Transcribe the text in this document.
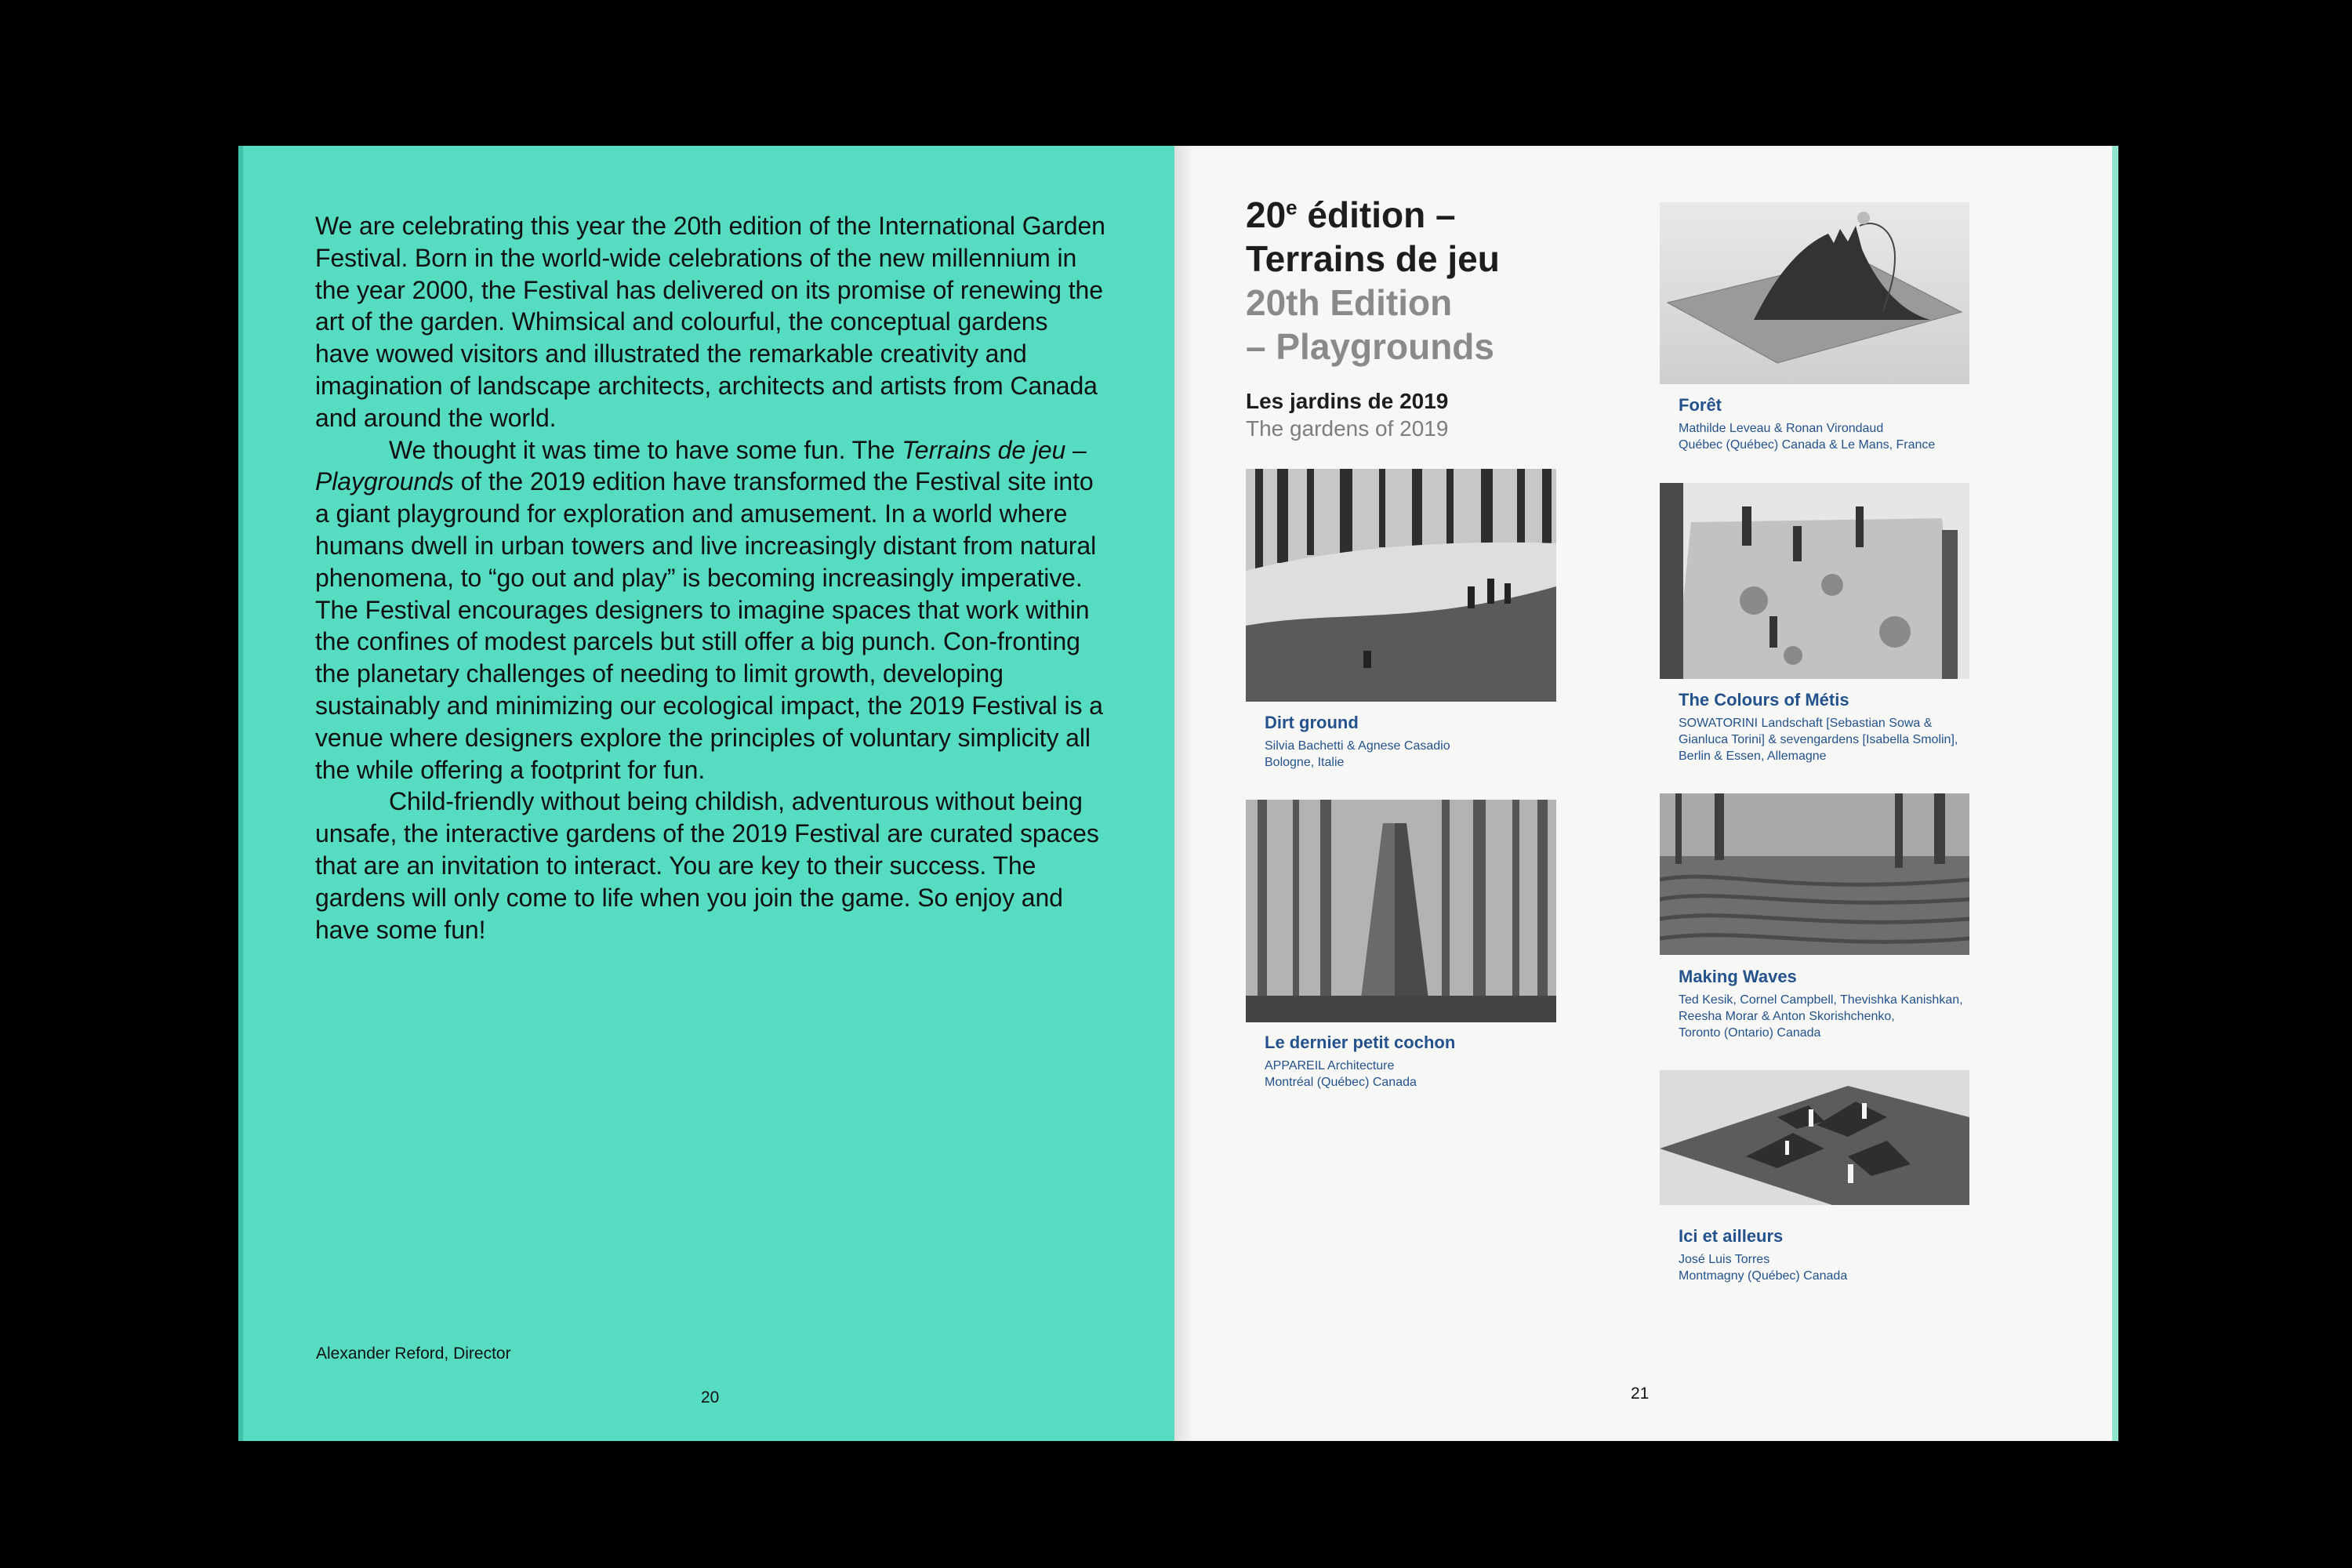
We are celebrating this year the 20th edition of the International Garden Festival. Born in the world-wide celebrations of the new millennium in the year 2000, the Festival has delivered on its promise of renewing the art of the garden. Whimsical and colourful, the conceptual gardens have wowed visitors and illustrated the remarkable creativity and imagination of landscape architects, architects and artists from Canada and around the world.

We thought it was time to have some fun. The Terrains de jeu – Playgrounds of the 2019 edition have transformed the Festival site into a giant playground for exploration and amusement. In a world where humans dwell in urban towers and live increasingly distant from natural phenomena, to “go out and play” is becoming increasingly imperative. The Festival encourages designers to imagine spaces that work within the confines of modest parcels but still offer a big punch. Con-fronting the planetary challenges of needing to limit growth, developing sustainably and minimizing our ecological impact, the 2019 Festival is a venue where designers explore the principles of voluntary simplicity all the while offering a footprint for fun.

Child-friendly without being childish, adventurous without being unsafe, the interactive gardens of the 2019 Festival are curated spaces that are an invitation to interact. You are key to their success. The gardens will only come to life when you join the game. So enjoy and have some fun!

Alexander Reford, Director

20

20e édition –
Terrains de jeu
20th Edition
– Playgrounds
Les jardins de 2019
The gardens of 2019

Forêt

Mathilde Leveau & Ronan Virondaud
Québec (Québec) Canada & Le Mans, France

Dirt ground

Silvia Bachetti & Agnese Casadio
Bologne, Italie

The Colours of Métis

SOWATORINI Landschaft [Sebastian Sowa &
Gianluca Torini] & sevengardens [Isabella Smolin],
Berlin & Essen, Allemagne

Le dernier petit cochon

APPAREIL Architecture
Montréal (Québec) Canada

Making Waves

Ted Kesik, Cornel Campbell, Thevishka Kanishkan,
Reesha Morar & Anton Skorishchenko,
Toronto (Ontario) Canada

Ici et ailleurs

José Luis Torres
Montmagny (Québec) Canada

21
